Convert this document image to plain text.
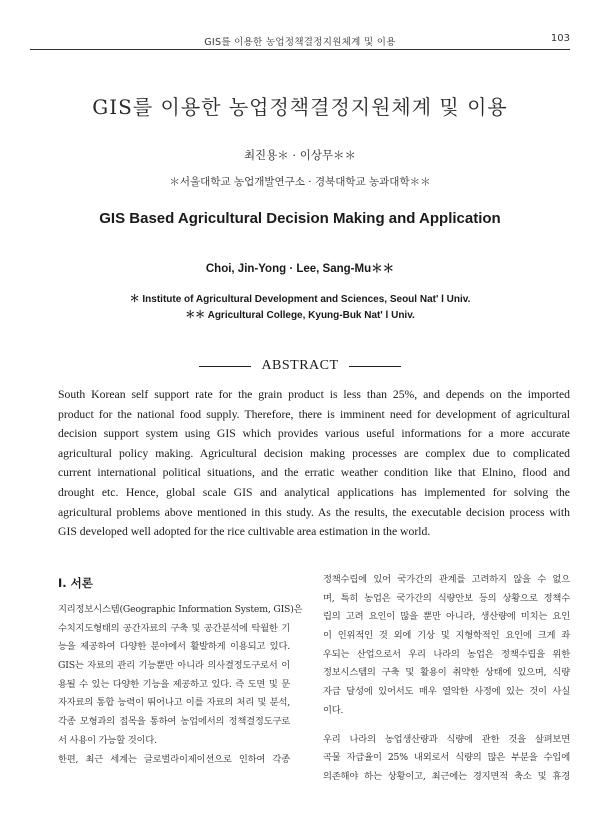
GIS를 이용한 농업정책결정지원체계 및 이용	103
GIS를 이용한 농업정책결정지원체계 및 이용
최진용＊ · 이상무＊＊
＊서울대학교 농업개발연구소 · 경북대학교 농과대학＊＊
GIS Based Agricultural Decision Making and Application
Choi, Jin-Yong · Lee, Sang-Mu＊＊
＊ Institute of Agricultural Development and Sciences, Seoul Nat' l Univ.
＊＊ Agricultural College, Kyung-Buk Nat' l Univ.
ABSTRACT
South Korean self support rate for the grain product is less than 25%, and depends on the imported
product for the national food supply. Therefore, there is imminent need for development of agricultural
decision support system using GIS which provides various useful informations for a more accurate
agricultural policy making. Agricultural decision making processes are complex due to complicated
current international political situations, and the erratic weather condition like that Elnino, flood and
drought etc. Hence, global scale GIS and analytical applications has implemented for solving the
agricultural problems above mentioned in this study. As the results, the executable decision process with
GIS developed well adopted for the rice cultivable area estimation in the world.
I. 서론
지리정보시스템(Geographic Information System, GIS)은
수치지도형태의 공간자료의 구축 및 공간분석에 탁월한 기
능을 제공하여 다양한 분야에서 활발하게 이용되고 있다.
GIS는 자료의 관리 기능뿐만 아니라 의사결정도구로서 이
용될 수 있는 다양한 기능을 제공하고 있다. 즉 도면 및 문
자자료의 통합 능력이 뛰어나고 이를 자료의 처리 및 분석,
각종 모형과의 접목을 통하여 농업에서의 정책결정도구로
서 사용이 가능할 것이다.
한편, 최근 세계는 글로벌라이제이션으로 인하여 각종
정책수립에 있어 국가간의 관계를 고려하지 않을 수 없으
며, 특히 농업은 국가간의 식량안보 등의 상황으로 정책수
립의 고려 요인이 많을 뿐만 아니라, 생산량에 미치는 요인
이 인위적인 것 외에 기상 및 지형학적인 요인에 크게 좌
우되는 산업으로서 우리 나라의 농업은 정책수립을 위한
정보시스템의 구축 및 활용이 취약한 상태에 있으며, 식량
자급 달성에 있어서도 매우 열악한 사정에 있는 것이 사실
이다.
우리 나라의 농업생산량과 식량에 관한 것을 살펴보면
곡물 자급율이 25% 내외로서 식량의 많은 부분을 수입에
의존해야 하는 상황이고, 최근에는 경지면적 축소 및 휴경
